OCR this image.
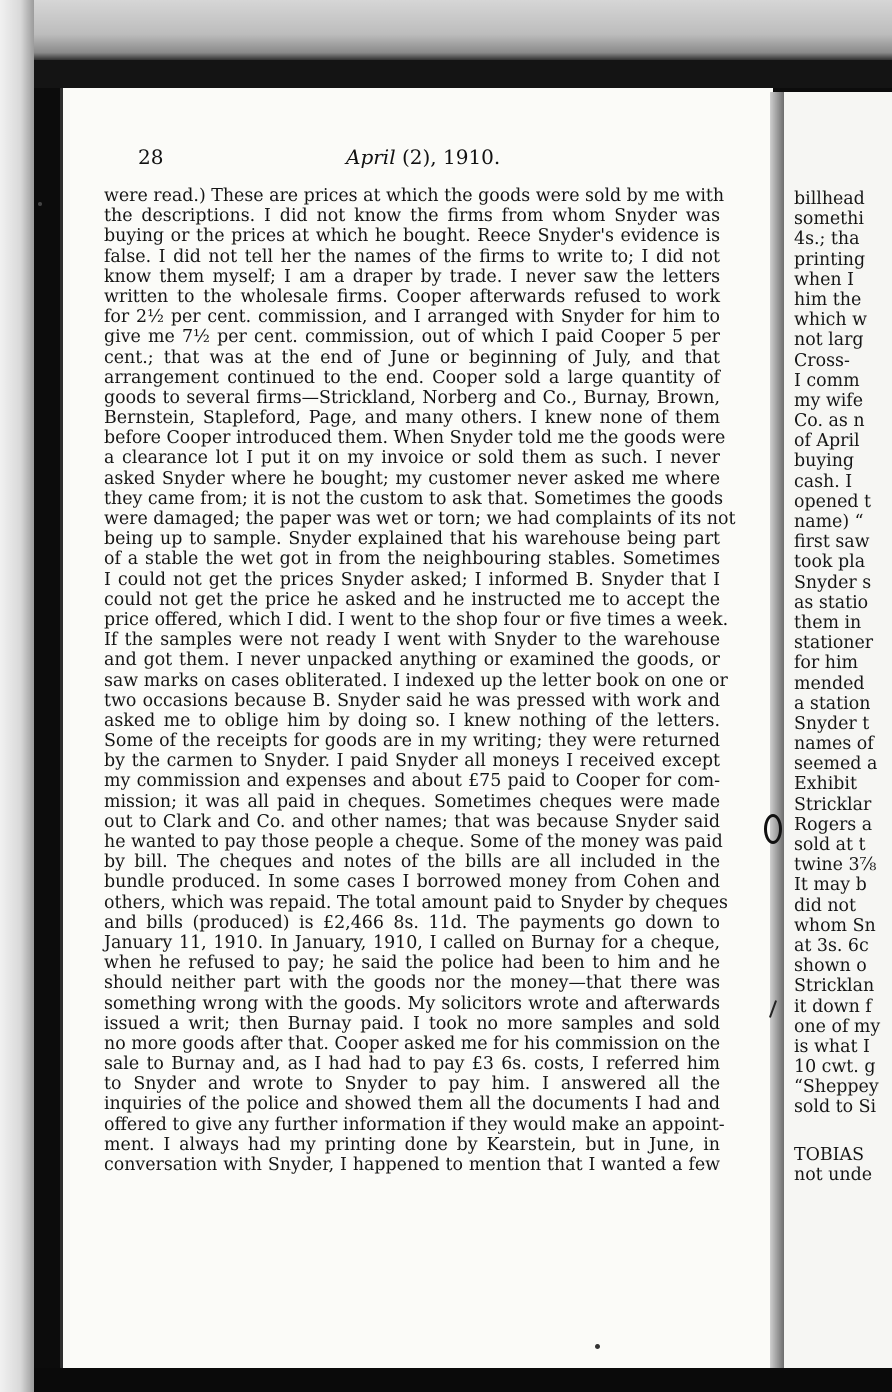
billhead
somethi
4s.; tha
printing
when I
him the
which w
not larg
Cross-
I comm
my wife
Co. as n
of April
buying
cash. I
opened t
name) “
first saw
took pla
Snyder s
as statio
them in
stationer
for him
mended
a station
Snyder t
names of
seemed a
Exhibit
Stricklar
Rogers a
sold at t
twine 3⅞
It may b
did not
whom Sn
at 3s. 6c
shown o
Stricklan
it down f
one of my
is what I
10 cwt. g
“Sheppey
sold to Si
TOBIAS
not unde
28	April (2), 1910.
were read.) These are prices at which the goods were sold by me with
the descriptions. I did not know the firms from whom Snyder was
buying or the prices at which he bought. Reece Snyder's evidence is
false. I did not tell her the names of the firms to write to; I did not
know them myself; I am a draper by trade. I never saw the letters
written to the wholesale firms. Cooper afterwards refused to work
for 2½ per cent. commission, and I arranged with Snyder for him to
give me 7½ per cent. commission, out of which I paid Cooper 5 per
cent.; that was at the end of June or beginning of July, and that
arrangement continued to the end. Cooper sold a large quantity of
goods to several firms—Strickland, Norberg and Co., Burnay, Brown,
Bernstein, Stapleford, Page, and many others. I knew none of them
before Cooper introduced them. When Snyder told me the goods were
a clearance lot I put it on my invoice or sold them as such. I never
asked Snyder where he bought; my customer never asked me where
they came from; it is not the custom to ask that. Sometimes the goods
were damaged; the paper was wet or torn; we had complaints of its not
being up to sample. Snyder explained that his warehouse being part
of a stable the wet got in from the neighbouring stables. Sometimes
I could not get the prices Snyder asked; I informed B. Snyder that I
could not get the price he asked and he instructed me to accept the
price offered, which I did. I went to the shop four or five times a week.
If the samples were not ready I went with Snyder to the warehouse
and got them. I never unpacked anything or examined the goods, or
saw marks on cases obliterated. I indexed up the letter book on one or
two occasions because B. Snyder said he was pressed with work and
asked me to oblige him by doing so. I knew nothing of the letters.
Some of the receipts for goods are in my writing; they were returned
by the carmen to Snyder. I paid Snyder all moneys I received except
my commission and expenses and about £75 paid to Cooper for com-
mission; it was all paid in cheques. Sometimes cheques were made
out to Clark and Co. and other names; that was because Snyder said
he wanted to pay those people a cheque. Some of the money was paid
by bill. The cheques and notes of the bills are all included in the
bundle produced. In some cases I borrowed money from Cohen and
others, which was repaid. The total amount paid to Snyder by cheques
and bills (produced) is £2,466 8s. 11d. The payments go down to
January 11, 1910. In January, 1910, I called on Burnay for a cheque,
when he refused to pay; he said the police had been to him and he
should neither part with the goods nor the money—that there was
something wrong with the goods. My solicitors wrote and afterwards
issued a writ; then Burnay paid. I took no more samples and sold
no more goods after that. Cooper asked me for his commission on the
sale to Burnay and, as I had had to pay £3 6s. costs, I referred him
to Snyder and wrote to Snyder to pay him. I answered all the
inquiries of the police and showed them all the documents I had and
offered to give any further information if they would make an appoint-
ment. I always had my printing done by Kearstein, but in June, in
conversation with Snyder, I happened to mention that I wanted a few
